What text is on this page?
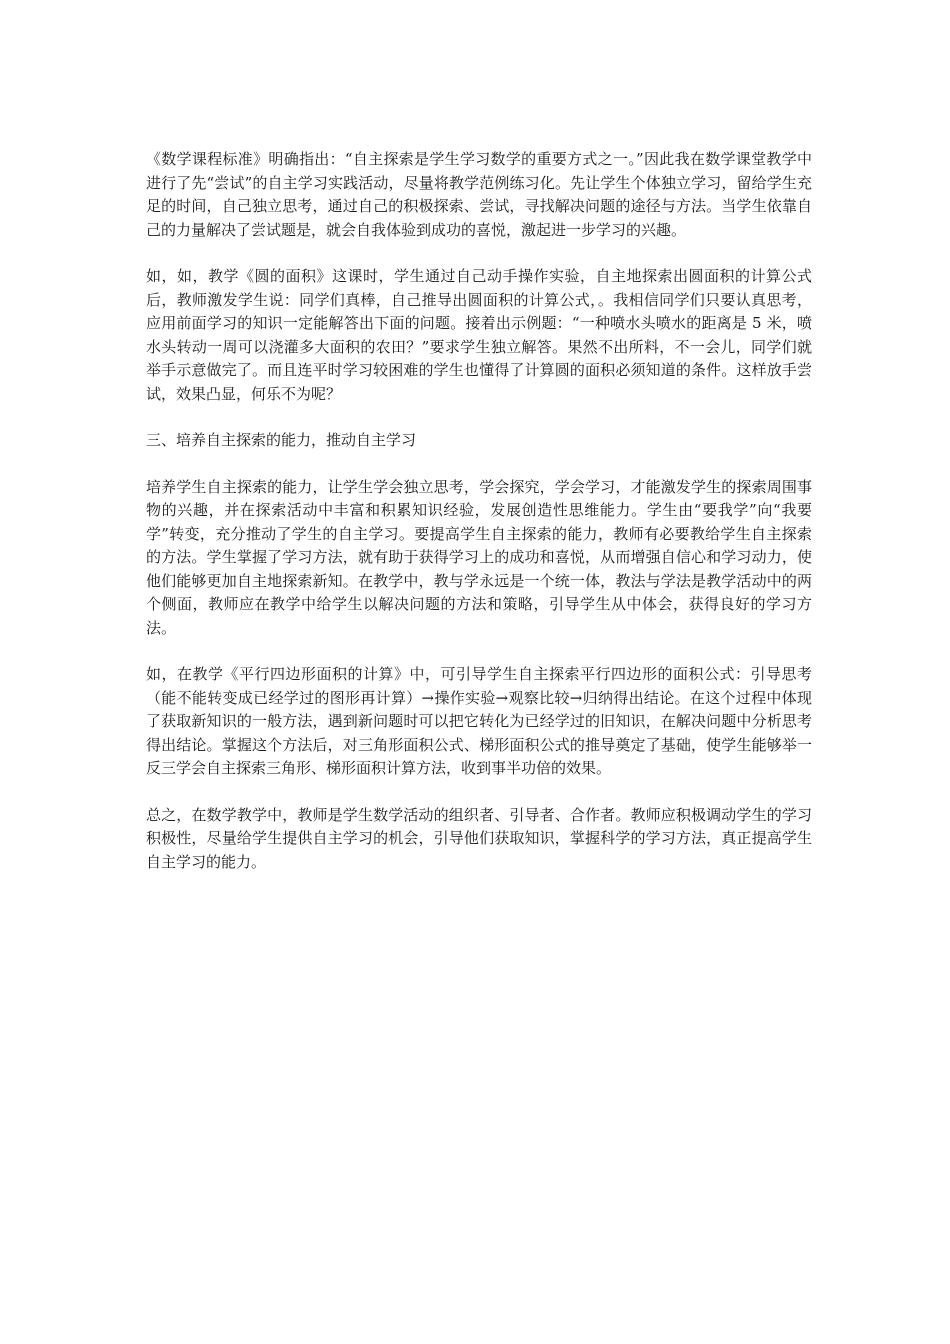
《数学课程标准》明确指出：“自主探索是学生学习数学的重要方式之一。”因此我在数学课堂教学中进行了先“尝试”的自主学习实践活动，尽量将教学范例练习化。先让学生个体独立学习，留给学生充足的时间，自己独立思考，通过自己的积极探索、尝试，寻找解决问题的途径与方法。当学生依靠自己的力量解决了尝试题是，就会自我体验到成功的喜悦，激起进一步学习的兴趣。

如，如，教学《圆的面积》这课时，学生通过自己动手操作实验，自主地探索出圆面积的计算公式后，教师激发学生说：同学们真棒，自己推导出圆面积的计算公式，。我相信同学们只要认真思考，应用前面学习的知识一定能解答出下面的问题。接着出示例题：“一种喷水头喷水的距离是 5 米，喷水头转动一周可以浇灌多大面积的农田？”要求学生独立解答。果然不出所料，不一会儿，同学们就举手示意做完了。而且连平时学习较困难的学生也懂得了计算圆的面积必须知道的条件。这样放手尝试，效果凸显，何乐不为呢？

三、培养自主探索的能力，推动自主学习

培养学生自主探索的能力，让学生学会独立思考，学会探究，学会学习，才能激发学生的探索周围事物的兴趣，并在探索活动中丰富和积累知识经验，发展创造性思维能力。学生由“要我学”向“我要学”转变，充分推动了学生的自主学习。要提高学生自主探索的能力，教师有必要教给学生自主探索的方法。学生掌握了学习方法，就有助于获得学习上的成功和喜悦，从而增强自信心和学习动力，使他们能够更加自主地探索新知。在教学中，教与学永远是一个统一体，教法与学法是教学活动中的两个侧面，教师应在教学中给学生以解决问题的方法和策略，引导学生从中体会，获得良好的学习方法。

如，在教学《平行四边形面积的计算》中，可引导学生自主探索平行四边形的面积公式：引导思考（能不能转变成已经学过的图形再计算）→操作实验→观察比较→归纳得出结论。在这个过程中体现了获取新知识的一般方法，遇到新问题时可以把它转化为已经学过的旧知识，在解决问题中分析思考得出结论。掌握这个方法后，对三角形面积公式、梯形面积公式的推导奠定了基础，使学生能够举一反三学会自主探索三角形、梯形面积计算方法，收到事半功倍的效果。

总之，在数学教学中，教师是学生数学活动的组织者、引导者、合作者。教师应积极调动学生的学习积极性，尽量给学生提供自主学习的机会，引导他们获取知识，掌握科学的学习方法，真正提高学生自主学习的能力。
